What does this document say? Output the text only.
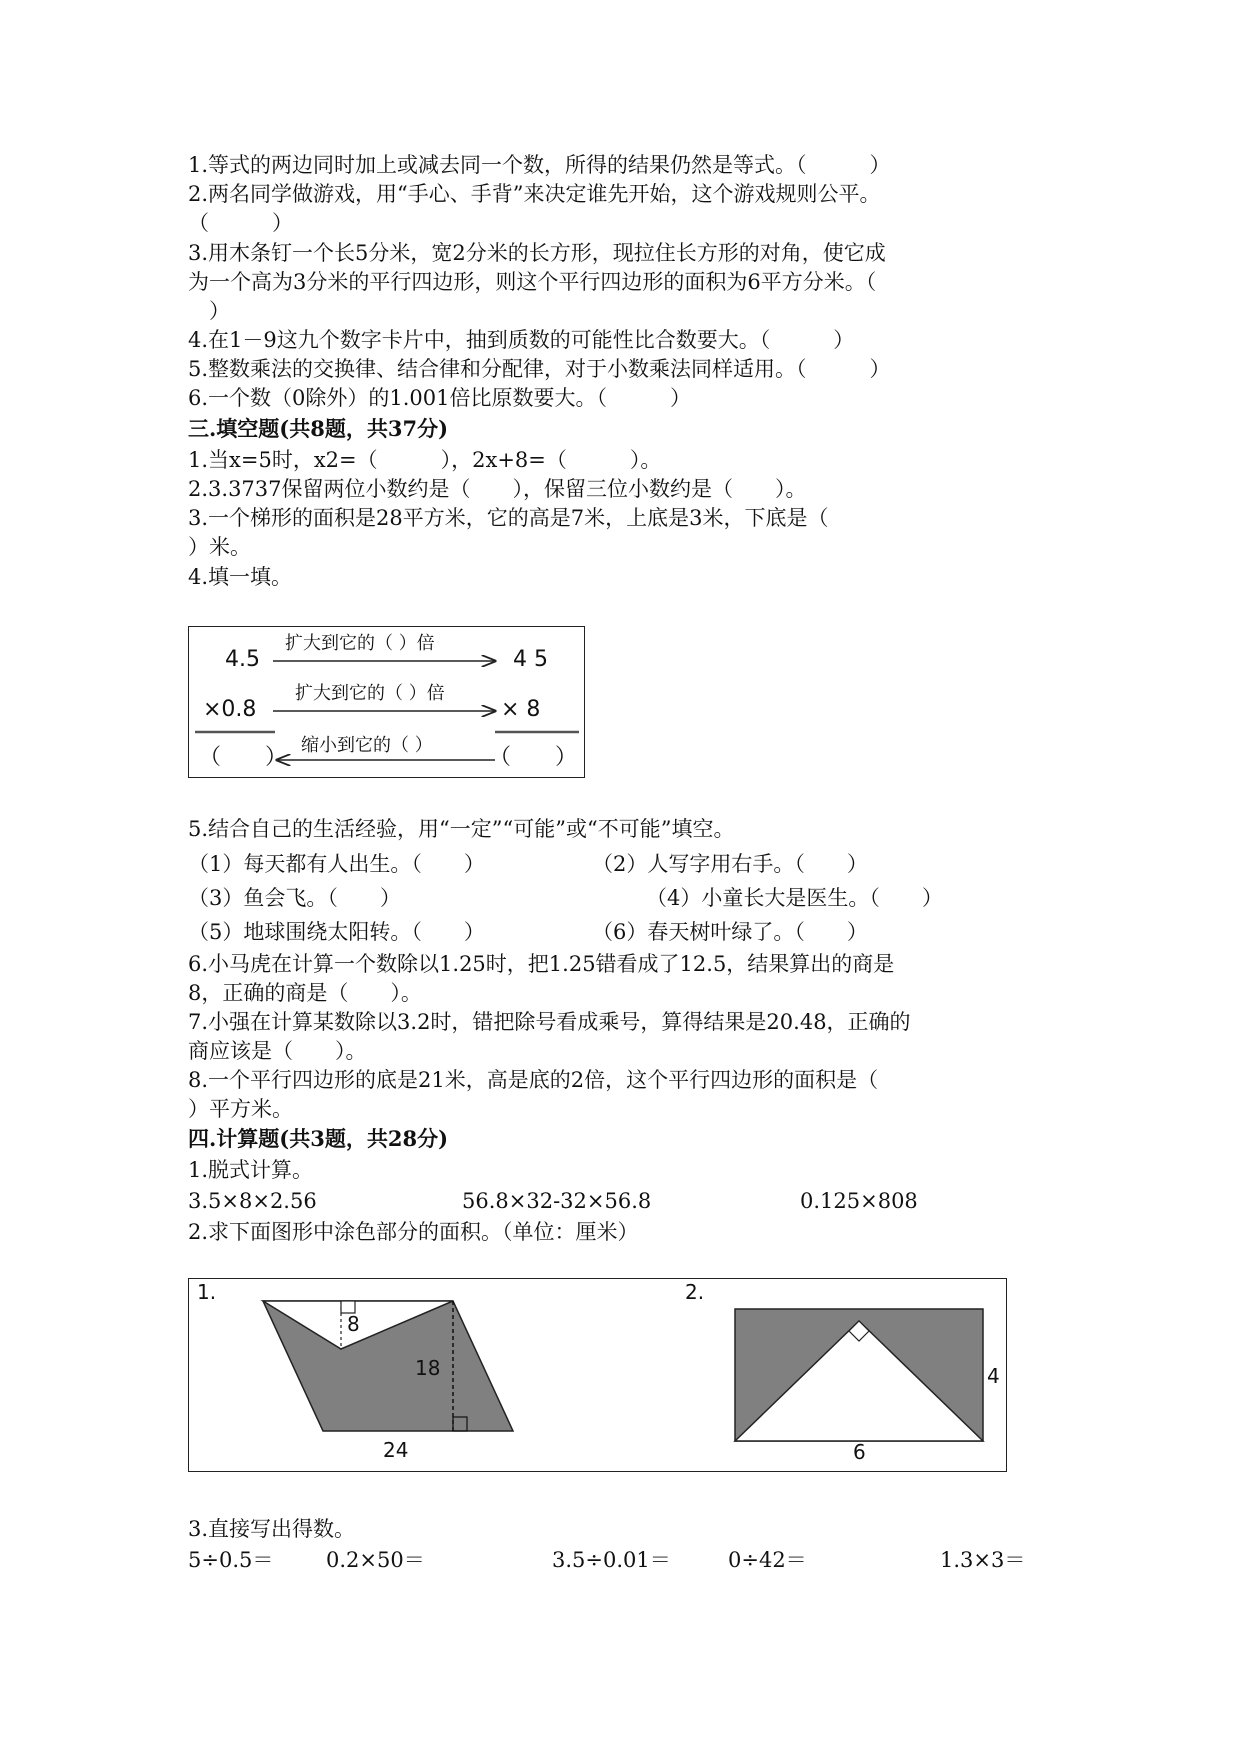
1.等式的两边同时加上或减去同一个数，所得的结果仍然是等式。（　　　）
2.两名同学做游戏，用“手心、手背”来决定谁先开始，这个游戏规则公平。
（　　　）
3.用木条钉一个长5分米，宽2分米的长方形，现拉住长方形的对角，使它成
为一个高为3分米的平行四边形，则这个平行四边形的面积为6平方分米。（
　）
4.在1－9这九个数字卡片中，抽到质数的可能性比合数要大。（　　　）
5.整数乘法的交换律、结合律和分配律，对于小数乘法同样适用。（　　　）
6.一个数（0除外）的1.001倍比原数要大。（　　　）
三.填空题(共8题，共37分)
1.当x=5时，x2=（　　　），2x+8=（　　　）。
2.3.3737保留两位小数约是（　　），保留三位小数约是（　　）。
3.一个梯形的面积是28平方米，它的高是7米，上底是3米，下底是（
）米。
4.填一填。
4.5	4 5
×0.8	× 8
扩大到它的（ ）倍
扩大到它的（ ）倍
缩小到它的（ ）
（　　）	（　　）
5.结合自己的生活经验，用“一定”“可能”或“不可能”填空。
（1）每天都有人出生。（　　）	（2）人写字用右手。（　　）
（3）鱼会飞。（　　）	（4）小童长大是医生。（　　）
（5）地球围绕太阳转。（　　）	（6）春天树叶绿了。（　　）
6.小马虎在计算一个数除以1.25时，把1.25错看成了12.5，结果算出的商是
8，正确的商是（　　）。
7.小强在计算某数除以3.2时，错把除号看成乘号，算得结果是20.48，正确的
商应该是（　　）。
8.一个平行四边形的底是21米，高是底的2倍，这个平行四边形的面积是（
）平方米。
四.计算题(共3题，共28分)
1.脱式计算。
3.5×8×2.56	56.8×32-32×56.8	0.125×808
2.求下面图形中涂色部分的面积。（单位：厘米）
1.
8
18
24
2.
4
6
3.直接写出得数。
5÷0.5＝	0.2×50＝	3.5÷0.01＝	0÷42＝	1.3×3＝
